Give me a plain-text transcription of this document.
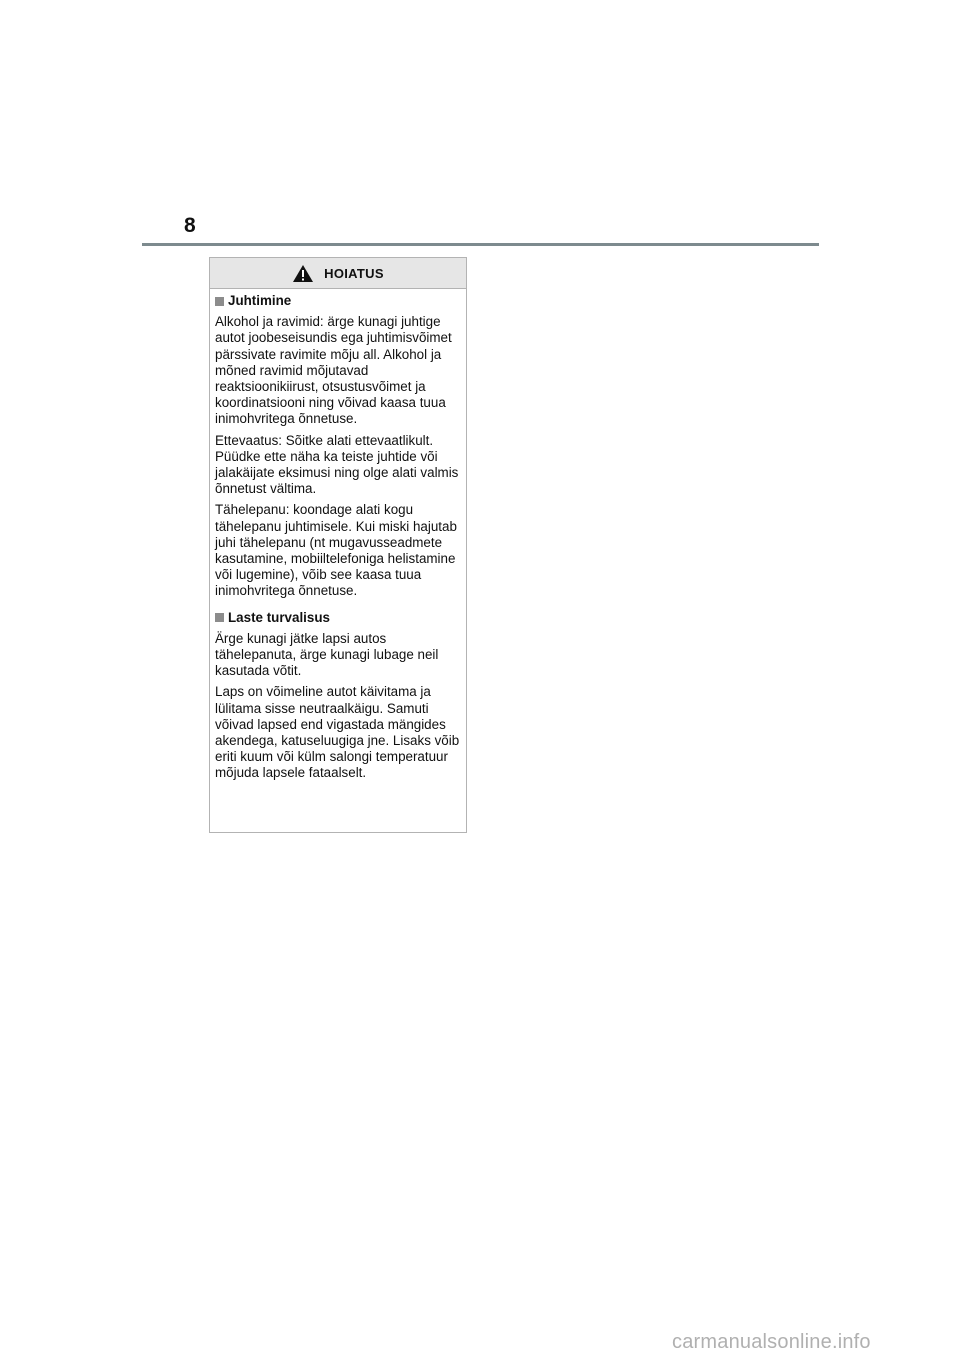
8
HOIATUS
Juhtimine

Alkohol ja ravimid: ärge kunagi juhtige autot joobeseisundis ega juhtimisvõimet pärssivate ravimite mõju all. Alkohol ja mõned ravimid mõjutavad reaktsioonikiirust, otsustusvõimet ja koordinatsiooni ning võivad kaasa tuua inimohvritega õnnetuse.

Ettevaatus: Sõitke alati ettevaatlikult. Püüdke ette näha ka teiste juhtide või jalakäijate eksimusi ning olge alati valmis õnnetust vältima.

Tähelepanu: koondage alati kogu tähelepanu juhtimisele. Kui miski hajutab juhi tähelepanu (nt mugavusseadmete kasutamine, mobiiltelefoniga helistamine või lugemine), võib see kaasa tuua inimohvritega õnnetuse.

Laste turvalisus

Ärge kunagi jätke lapsi autos tähelepanuta, ärge kunagi lubage neil kasutada võtit.

Laps on võimeline autot käivitama ja lülitama sisse neutraalkäigu. Samuti võivad lapsed end vigastada mängides akendega, katuseluugiga jne. Lisaks võib eriti kuum või külm salongi temperatuur mõjuda lapsele fataalselt.

carmanualsonline.info
